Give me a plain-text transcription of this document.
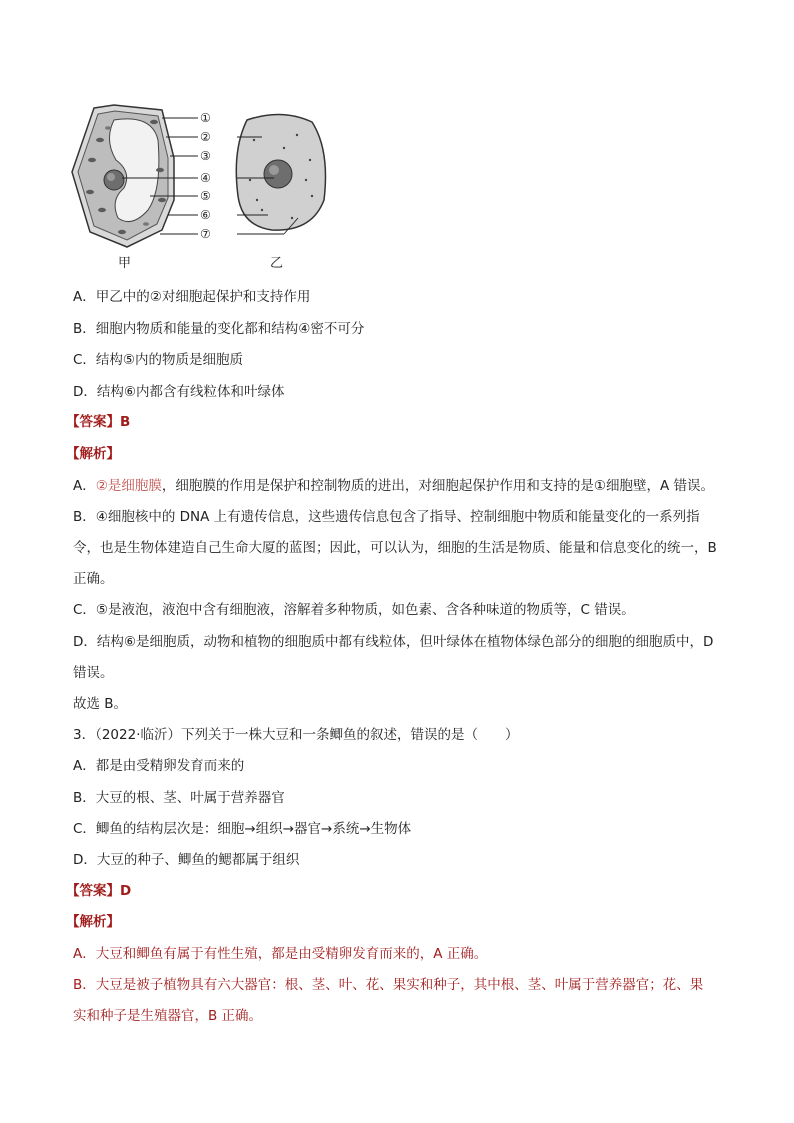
①
②
③
④
⑤
⑥
⑦
甲	乙
A．甲乙中的②对细胞起保护和支持作用
B．细胞内物质和能量的变化都和结构④密不可分
C．结构⑤内的物质是细胞质
D．结构⑥内都含有线粒体和叶绿体
【答案】B
【解析】
A．②是细胞膜，细胞膜的作用是保护和控制物质的进出，对细胞起保护作用和支持的是①细胞壁，A 错误。
B．④细胞核中的 DNA 上有遗传信息，这些遗传信息包含了指导、控制细胞中物质和能量变化的一系列指
令，也是生物体建造自己生命大厦的蓝图；因此，可以认为，细胞的生活是物质、能量和信息变化的统一，B
正确。
C．⑤是液泡，液泡中含有细胞液，溶解着多种物质，如色素、含各种味道的物质等，C 错误。
D．结构⑥是细胞质，动物和植物的细胞质中都有线粒体，但叶绿体在植物体绿色部分的细胞的细胞质中，D
错误。
故选 B。
3．（2022·临沂）下列关于一株大豆和一条鲫鱼的叙述，错误的是（　　）
A．都是由受精卵发育而来的
B．大豆的根、茎、叶属于营养器官
C．鲫鱼的结构层次是：细胞→组织→器官→系统→生物体
D．大豆的种子、鲫鱼的鳃都属于组织
【答案】D
【解析】
A．大豆和鲫鱼有属于有性生殖，都是由受精卵发育而来的，A 正确。
B．大豆是被子植物具有六大器官：根、茎、叶、花、果实和种子，其中根、茎、叶属于营养器官；花、果
实和种子是生殖器官，B 正确。
